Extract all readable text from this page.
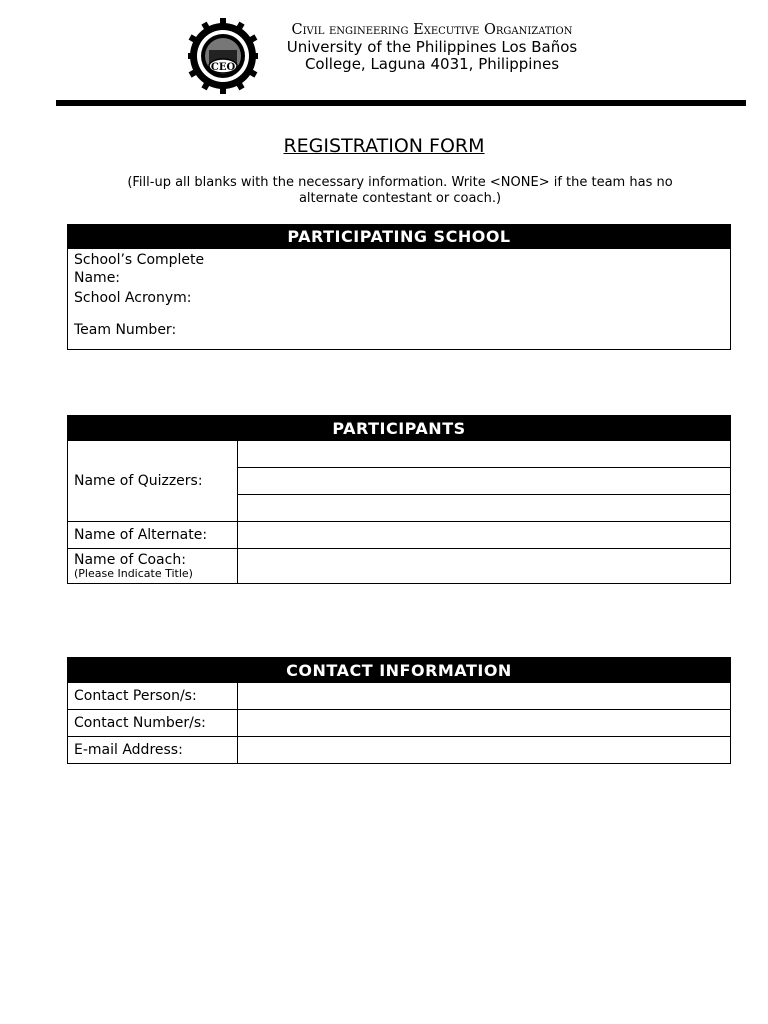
CEO
Civil engineering Executive Organization
University of the Philippines Los Baños
College, Laguna 4031, Philippines
REGISTRATION FORM
(Fill-up all blanks with the necessary information. Write <NONE> if the team has no alternate contestant or coach.)
PARTICIPATING SCHOOL
School’s Complete Name:
School Acronym:
Team Number:
PARTICIPANTS	
Name of Quizzers:	

Name of Alternate:	
Name of Coach:
(Please Indicate Title)	

CONTACT INFORMATION	
Contact Person/s:	
Contact Number/s:	
E-mail Address:	
